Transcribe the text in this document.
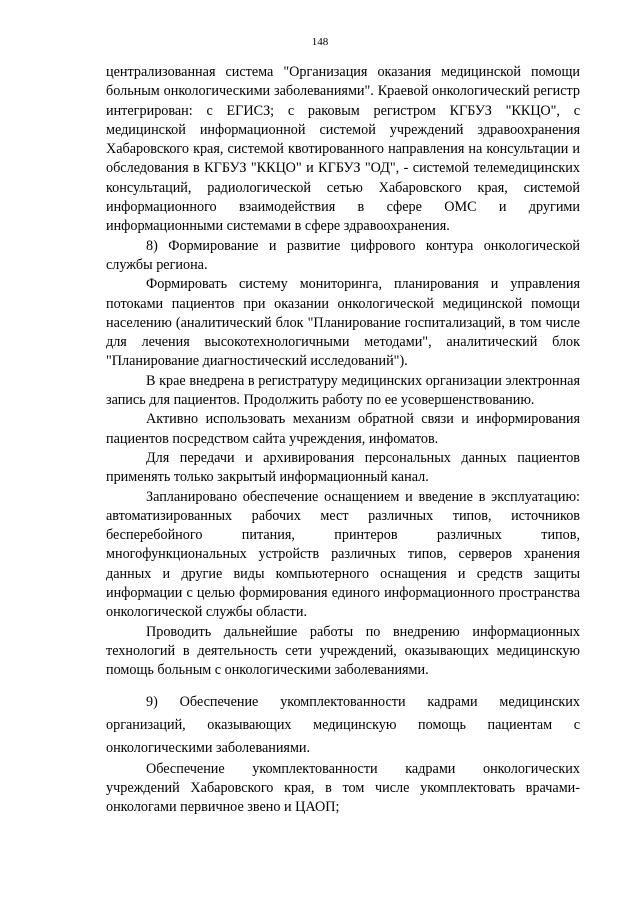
148

централизованная система "Организация оказания медицинской помощи больным онкологическими заболеваниями". Краевой онкологический регистр интегрирован: с ЕГИСЗ; с раковым регистром КГБУЗ "ККЦО", с медицинской информационной системой учреждений здравоохранения Хабаровского края, системой квотированного направления на консультации и обследования в КГБУЗ "ККЦО" и КГБУЗ "ОД", - системой телемедицинских консультаций, радиологической сетью Хабаровского края, системой информационного взаимодействия в сфере ОМС и другими информационными системами в сфере здравоохранения.

8) Формирование и развитие цифрового контура онкологической службы региона.

Формировать систему мониторинга, планирования и управления потоками пациентов при оказании онкологической медицинской помощи населению (аналитический блок "Планирование госпитализаций, в том числе для лечения высокотехнологичными методами", аналитический блок "Планирование диагностический исследований").

В крае внедрена в регистратуру медицинских организации электронная запись для пациентов. Продолжить работу по ее усовершенствованию.

Активно использовать механизм обратной связи и информирования пациентов посредством сайта учреждения, инфоматов.

Для передачи и архивирования персональных данных пациентов применять только закрытый информационный канал.

Запланировано обеспечение оснащением и введение в эксплуатацию: автоматизированных рабочих мест различных типов, источников бесперебойного питания, принтеров различных типов, многофункциональных устройств различных типов, серверов хранения данных и другие виды компьютерного оснащения и средств защиты информации с целью формирования единого информационного пространства онкологической службы области.

Проводить дальнейшие работы по внедрению информационных технологий в деятельность сети учреждений, оказывающих медицинскую помощь больным с онкологическими заболеваниями.

9) Обеспечение укомплектованности кадрами медицинских организаций, оказывающих медицинскую помощь пациентам с онкологическими заболеваниями.

Обеспечение укомплектованности кадрами онкологических учреждений Хабаровского края, в том числе укомплектовать врачами-онкологами первичное звено и ЦАОП;
